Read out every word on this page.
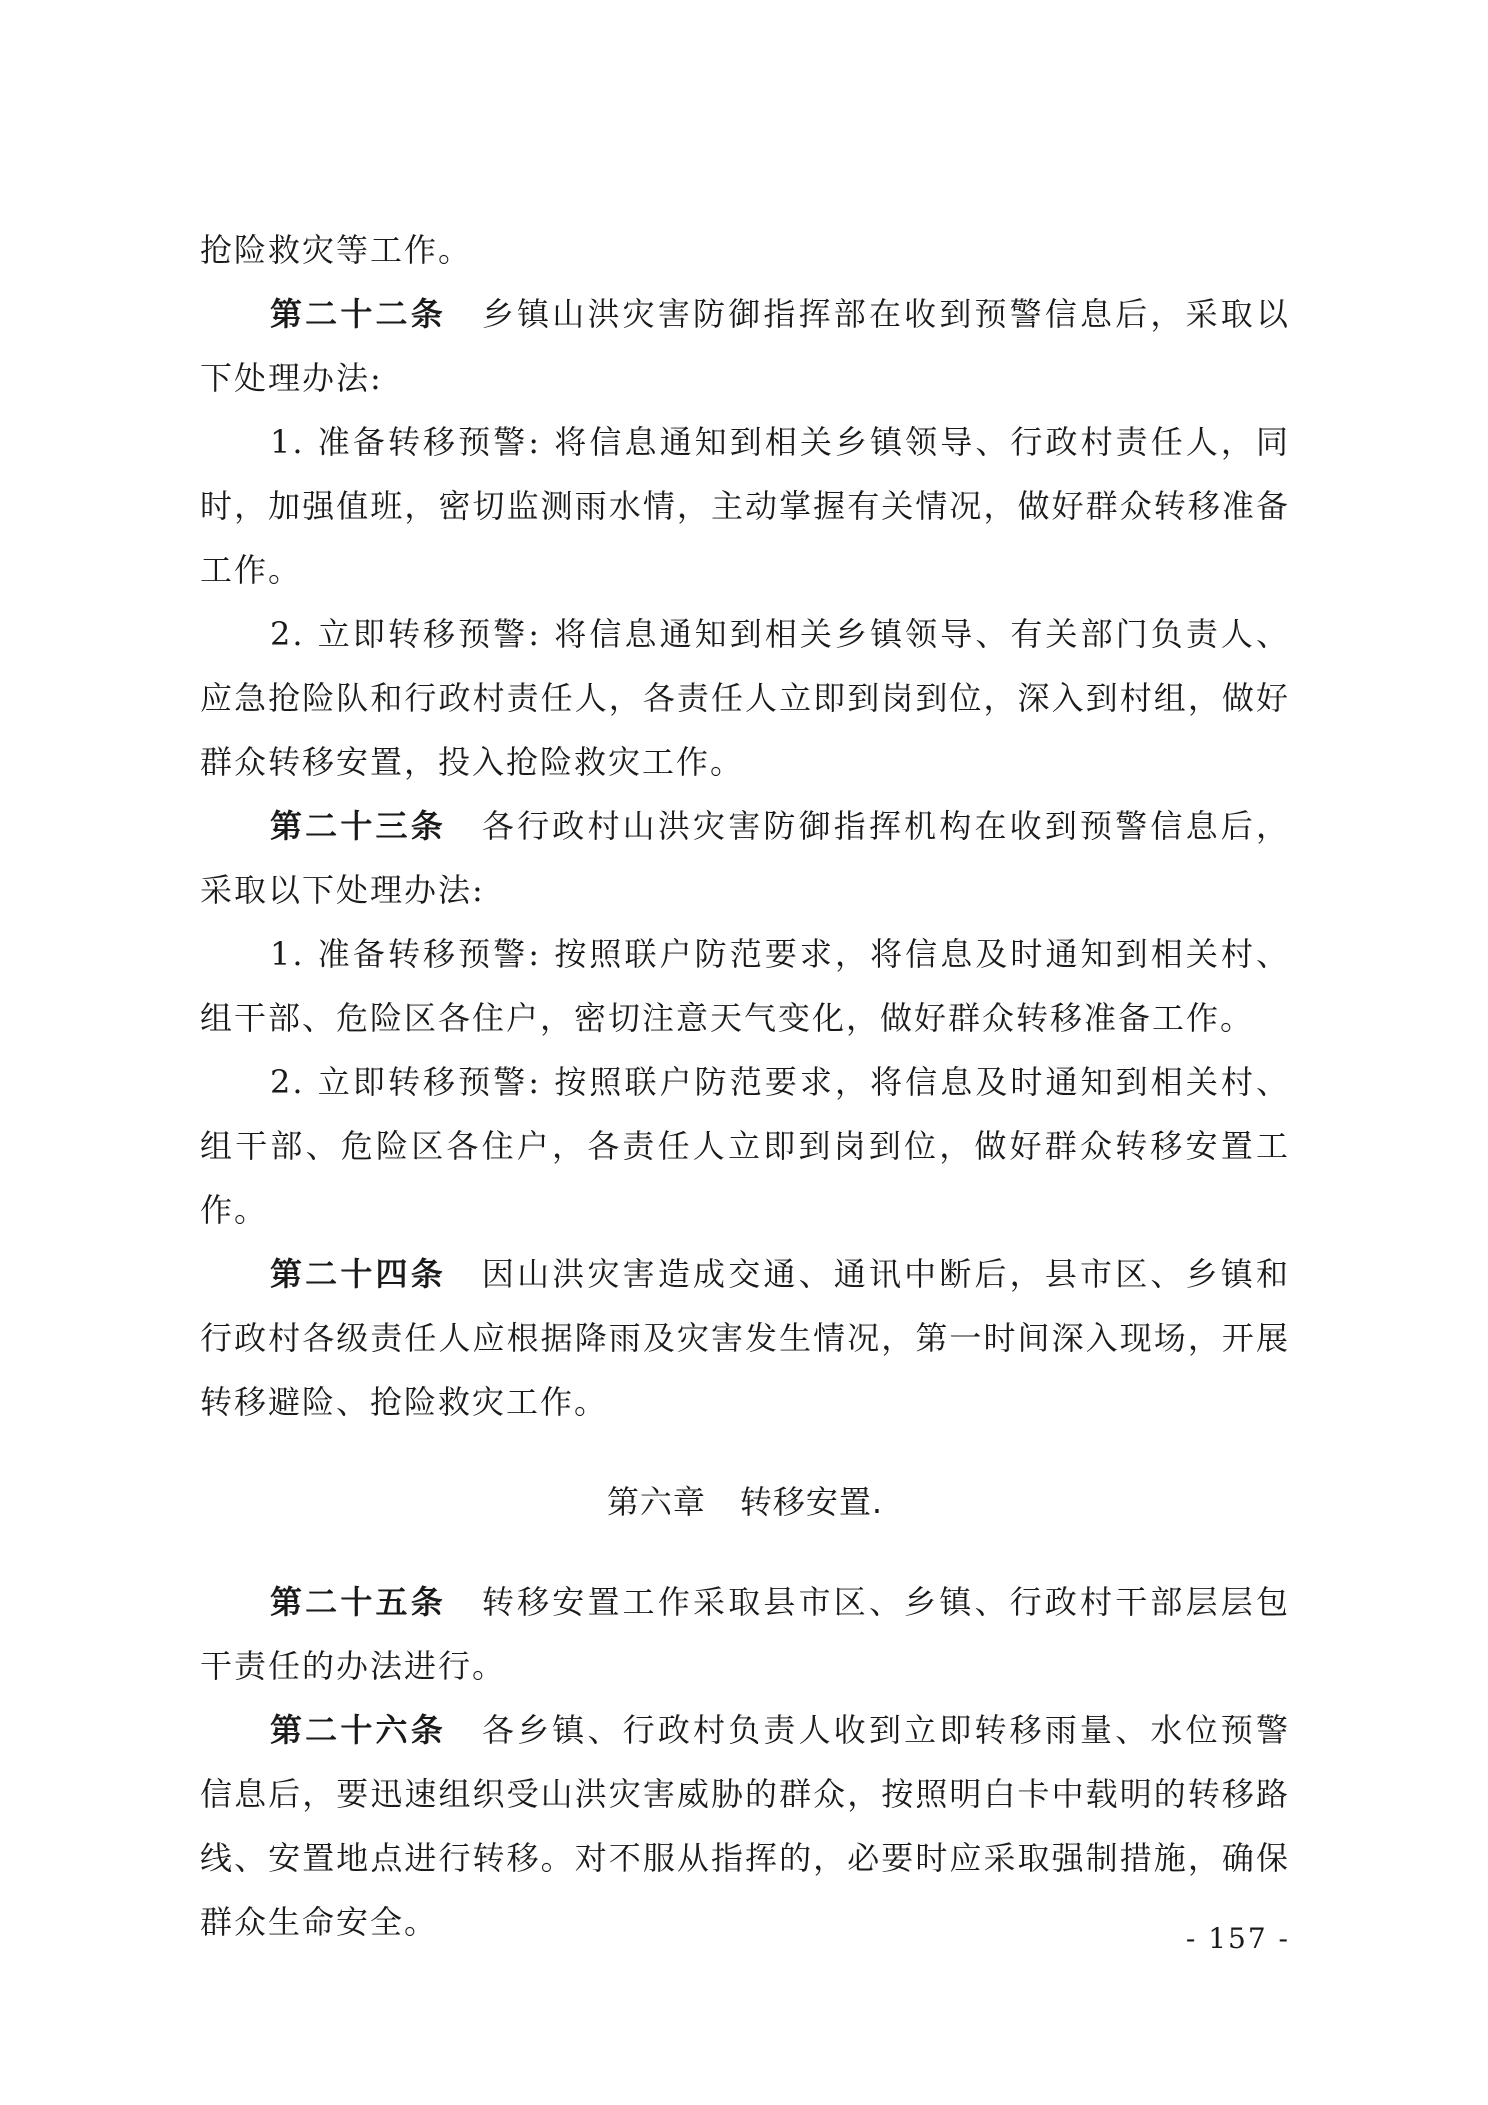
抢险救灾等工作。

第二十二条 乡镇山洪灾害防御指挥部在收到预警信息后，采取以下处理办法:

1. 准备转移预警: 将信息通知到相关乡镇领导、行政村责任人，同时，加强值班，密切监测雨水情，主动掌握有关情况，做好群众转移准备工作。

2. 立即转移预警: 将信息通知到相关乡镇领导、有关部门负责人、应急抢险队和行政村责任人，各责任人立即到岗到位，深入到村组，做好群众转移安置，投入抢险救灾工作。

第二十三条 各行政村山洪灾害防御指挥机构在收到预警信息后，采取以下处理办法:

1. 准备转移预警: 按照联户防范要求，将信息及时通知到相关村、组干部、危险区各住户，密切注意天气变化，做好群众转移准备工作。

2. 立即转移预警: 按照联户防范要求，将信息及时通知到相关村、组干部、危险区各住户，各责任人立即到岗到位，做好群众转移安置工作。

第二十四条 因山洪灾害造成交通、通讯中断后，县市区、乡镇和行政村各级责任人应根据降雨及灾害发生情况，第一时间深入现场，开展转移避险、抢险救灾工作。

第六章 转移安置.

第二十五条 转移安置工作采取县市区、乡镇、行政村干部层层包干责任的办法进行。

第二十六条 各乡镇、行政村负责人收到立即转移雨量、水位预警信息后，要迅速组织受山洪灾害威胁的群众，按照明白卡中载明的转移路线、安置地点进行转移。对不服从指挥的，必要时应采取强制措施，确保群众生命安全。	- 157 -
